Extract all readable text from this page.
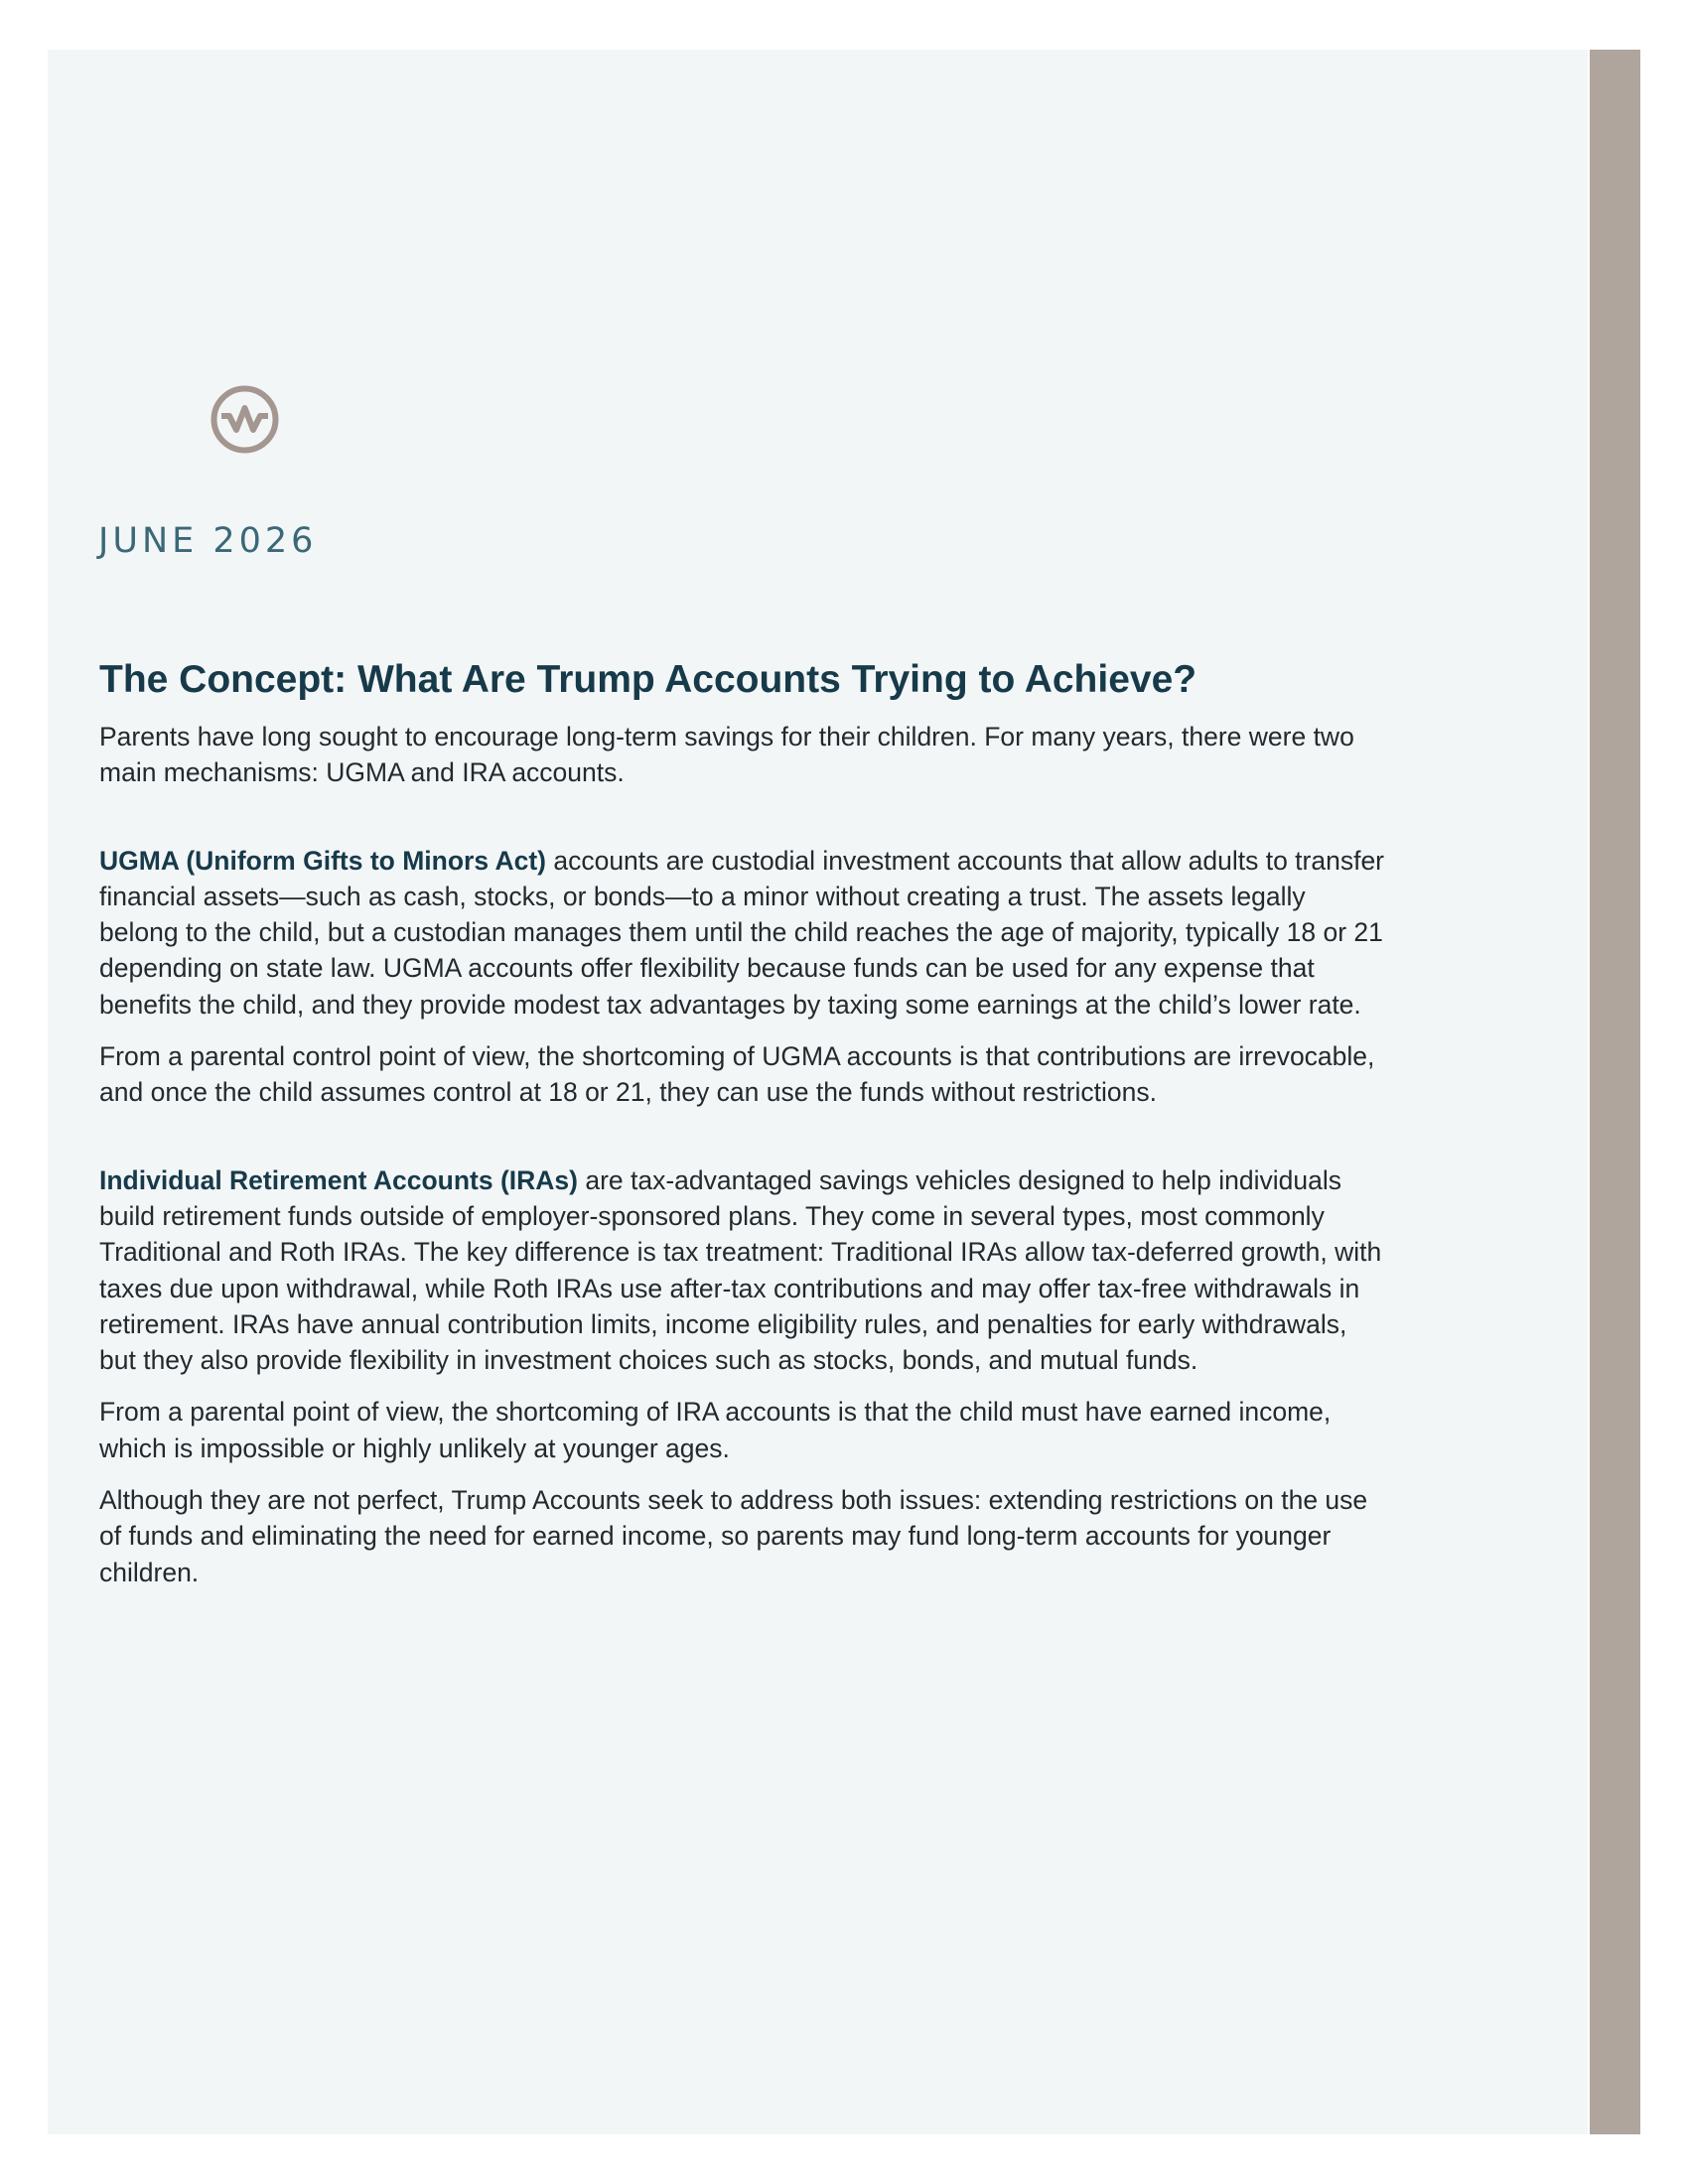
JUNE 2026
The Concept: What Are Trump Accounts Trying to Achieve?

Parents have long sought to encourage long-term savings for their children. For many years, there were two main mechanisms: UGMA and IRA accounts.

UGMA (Uniform Gifts to Minors Act) accounts are custodial investment accounts that allow adults to transfer financial assets—such as cash, stocks, or bonds—to a minor without creating a trust. The assets legally belong to the child, but a custodian manages them until the child reaches the age of majority, typically 18 or 21 depending on state law. UGMA accounts offer flexibility because funds can be used for any expense that benefits the child, and they provide modest tax advantages by taxing some earnings at the child’s lower rate.

From a parental control point of view, the shortcoming of UGMA accounts is that contributions are irrevocable, and once the child assumes control at 18 or 21, they can use the funds without restrictions.

Individual Retirement Accounts (IRAs) are tax-advantaged savings vehicles designed to help individuals build retirement funds outside of employer-sponsored plans. They come in several types, most commonly Traditional and Roth IRAs. The key difference is tax treatment: Traditional IRAs allow tax-deferred growth, with taxes due upon withdrawal, while Roth IRAs use after-tax contributions and may offer tax-free withdrawals in retirement. IRAs have annual contribution limits, income eligibility rules, and penalties for early withdrawals, but they also provide flexibility in investment choices such as stocks, bonds, and mutual funds.

From a parental point of view, the shortcoming of IRA accounts is that the child must have earned income, which is impossible or highly unlikely at younger ages.

Although they are not perfect, Trump Accounts seek to address both issues: extending restrictions on the use of funds and eliminating the need for earned income, so parents may fund long-term accounts for younger children.
